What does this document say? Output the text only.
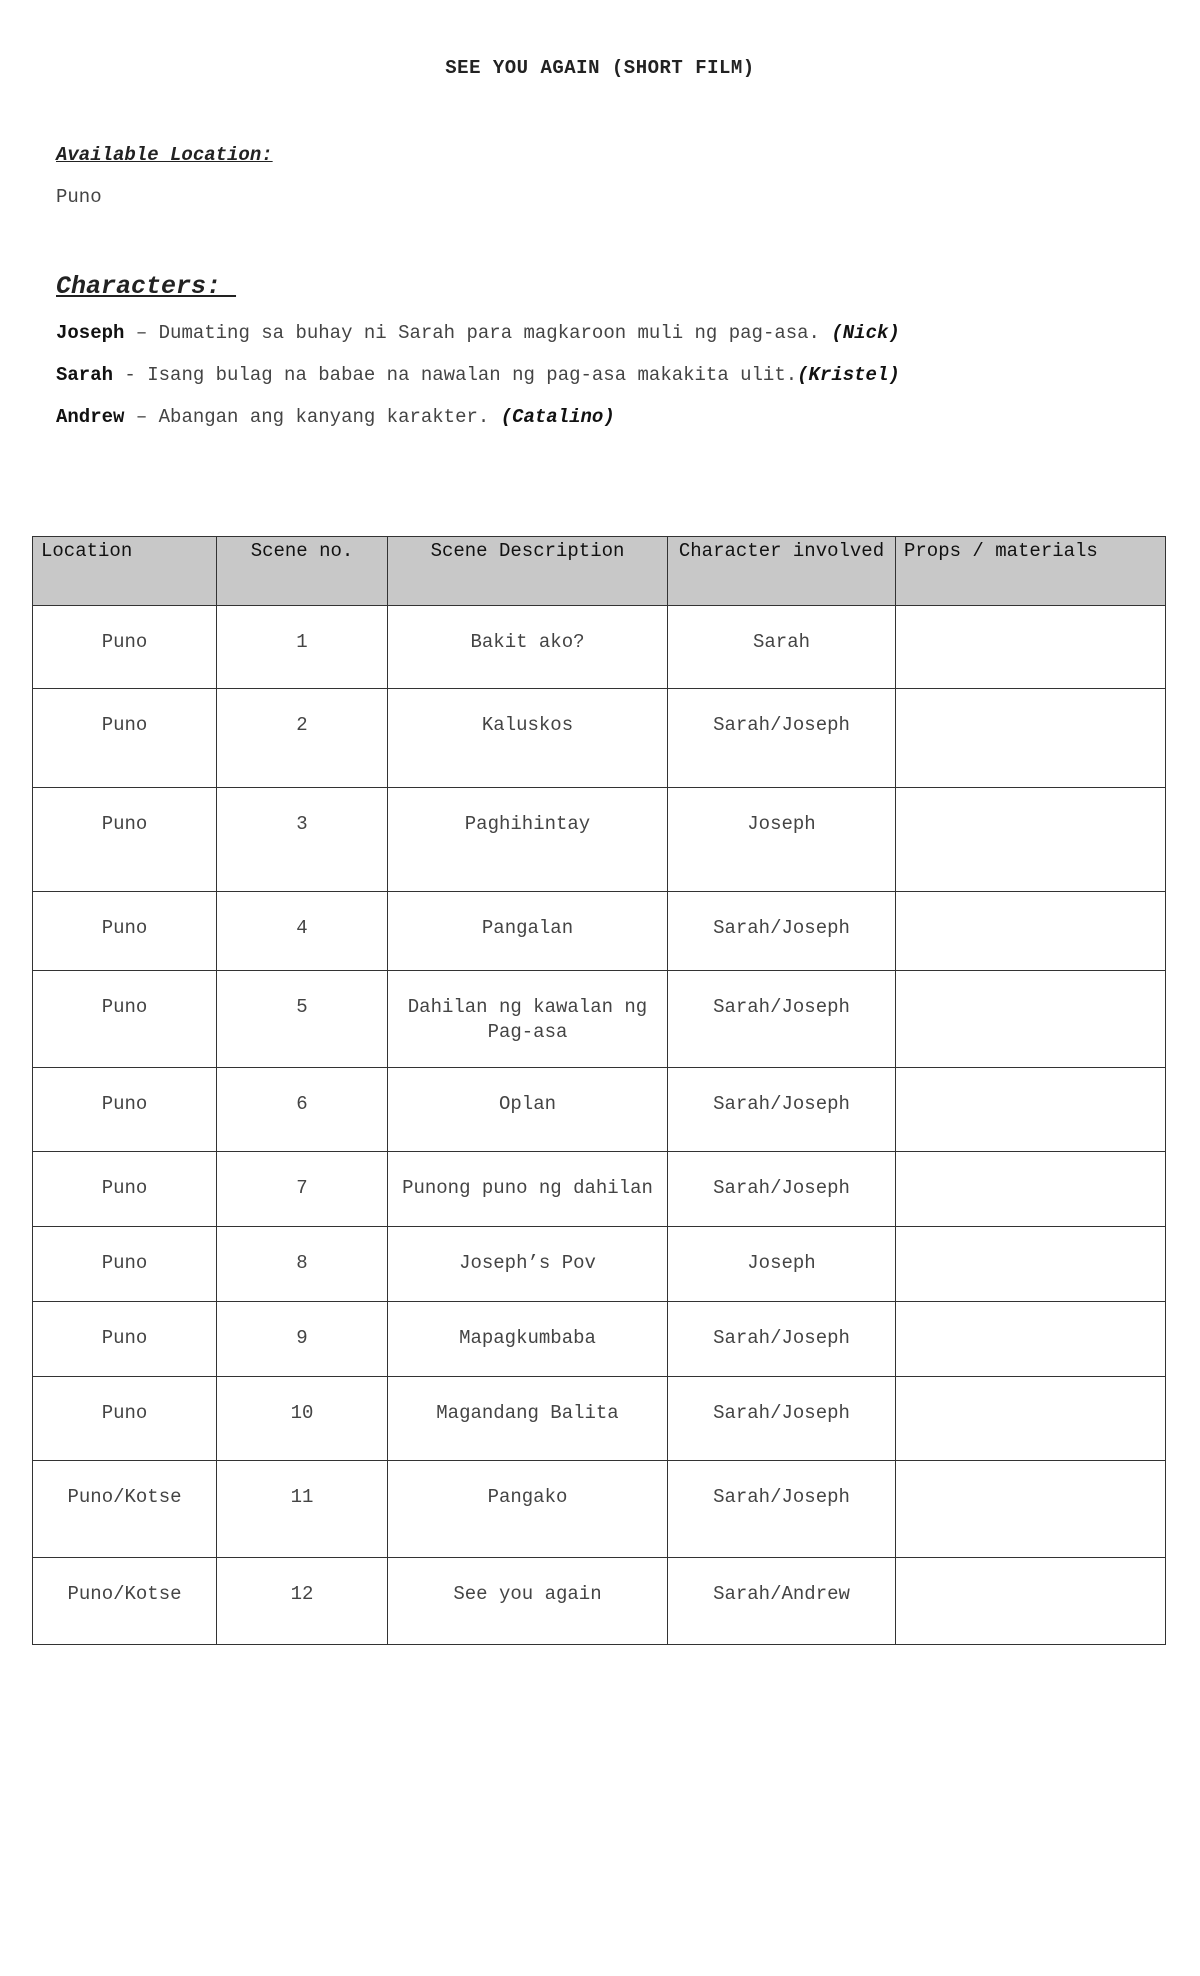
SEE YOU AGAIN (SHORT FILM)
Available Location:
Puno
Characters:
Joseph – Dumating sa buhay ni Sarah para magkaroon muli ng pag-asa. (Nick)
Sarah - Isang bulag na babae na nawalan ng pag-asa makakita ulit.(Kristel)
Andrew – Abangan ang kanyang karakter. (Catalino)
Location	Scene no.	Scene Description	Character involved	Props / materials
Puno	1	Bakit ako?	Sarah	
Puno	2	Kaluskos	Sarah/Joseph	
Puno	3	Paghihintay	Joseph	
Puno	4	Pangalan	Sarah/Joseph	
Puno	5	Dahilan ng kawalan ng Pag-asa	Sarah/Joseph	
Puno	6	Oplan	Sarah/Joseph	
Puno	7	Punong puno ng dahilan	Sarah/Joseph	
Puno	8	Joseph’s Pov	Joseph	
Puno	9	Mapagkumbaba	Sarah/Joseph	
Puno	10	Magandang Balita	Sarah/Joseph	
Puno/Kotse	11	Pangako	Sarah/Joseph	
Puno/Kotse	12	See you again	Sarah/Andrew	
